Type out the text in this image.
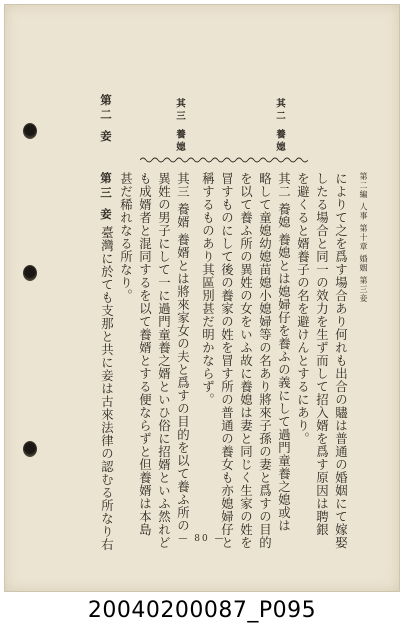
第二編 人事 第十章 婚姻 第三妾
其二 養媳
其三 養媳
第二 妾
第三 妾	によりて之を爲す場合あり何れも出合の贐は普通の婚姻にて嫁娶
したる場合と同一の效力を生ず而して招入婿を爲す原因は聘銀
を避くると婿養子の名を避けんとするにあり。
其二 養媳 養媳とは媳婦仔を養ふの義にして過門童養之媳或は
略して童媳幼媳苗媳小媳婦等の名あり將來子孫の妻と爲すの目的
を以て養ふ所の異姓の女をいふ故に養媳は妻と同じく生家の姓を
冒すものにして後の養家の姓を冒す所の普通の養女も亦媳婦仔と
稱するものあり其區別甚だ明かならず。
其三 養婿 養婿とは將來家女の夫と爲すの目的を以て養ふ所の
異姓の男子にして一に過門童養之婿といひ俗に招婿といふ然れど
も成婿者と混同するを以て養婿とする便ならずと但養婿は本島
甚だ稀れなる所なり。
臺灣に於ても支那と共に妾は古來法律の認むる所なり右	— 80 —
20040200087_P095
